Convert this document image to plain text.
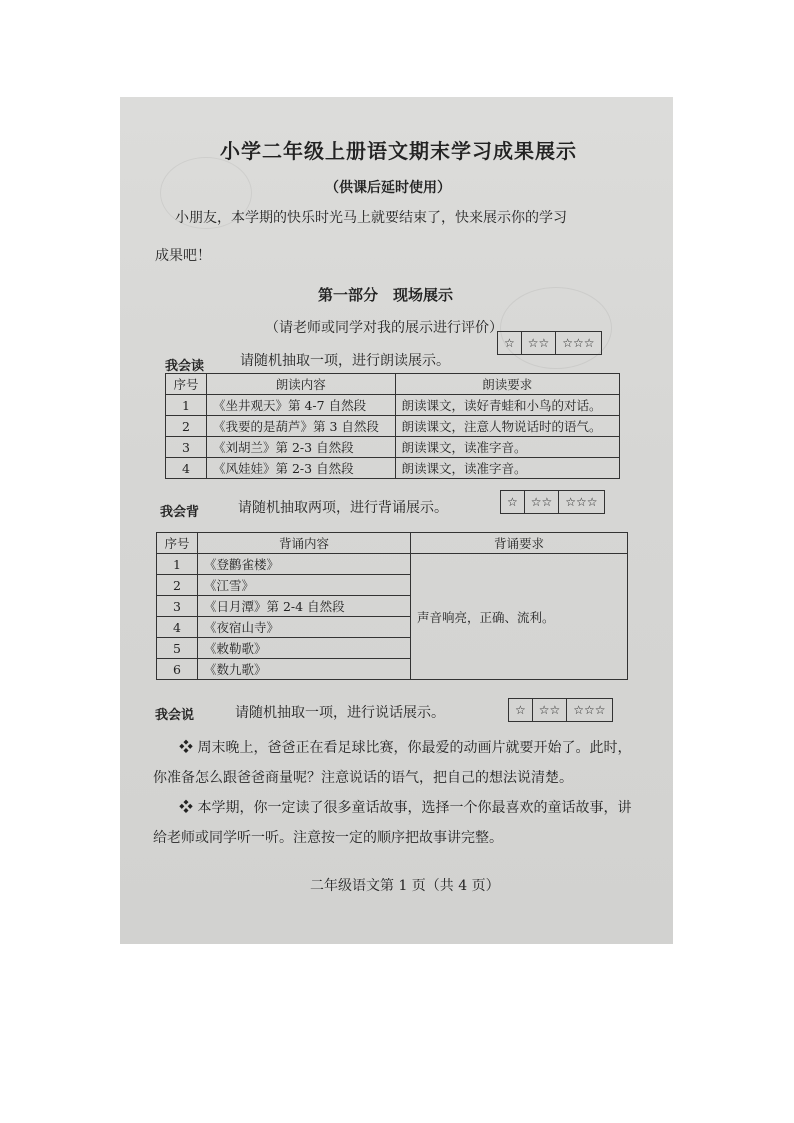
小学二年级上册语文期末学习成果展示
（供课后延时使用）
小朋友，本学期的快乐时光马上就要结束了，快来展示你的学习
成果吧！
第一部分　现场展示
（请老师或同学对我的展示进行评价）
☆	☆☆	☆☆☆
我会读	请随机抽取一项，进行朗读展示。
序号	朗读内容	朗读要求
1	《坐井观天》第 4-7 自然段	朗读课文，读好青蛙和小鸟的对话。
2	《我要的是葫芦》第 3 自然段	朗读课文，注意人物说话时的语气。
3	《刘胡兰》第 2-3 自然段	朗读课文，读准字音。
4	《风娃娃》第 2-3 自然段	朗读课文，读准字音。
我会背	请随机抽取两项，进行背诵展示。	☆	☆☆	☆☆☆
序号	背诵内容	背诵要求
1	《登鹳雀楼》	声音响亮，正确、流利。
2	《江雪》	
3	《日月潭》第 2-4 自然段	
4	《夜宿山寺》	
5	《敕勒歌》	
6	《数九歌》	
我会说	请随机抽取一项，进行说话展示。	☆	☆☆	☆☆☆
❖ 周末晚上，爸爸正在看足球比赛，你最爱的动画片就要开始了。此时，你准备怎么跟爸爸商量呢？注意说话的语气，把自己的想法说清楚。
❖ 本学期，你一定读了很多童话故事，选择一个你最喜欢的童话故事，讲给老师或同学听一听。注意按一定的顺序把故事讲完整。
二年级语文第 1 页（共 4 页）
